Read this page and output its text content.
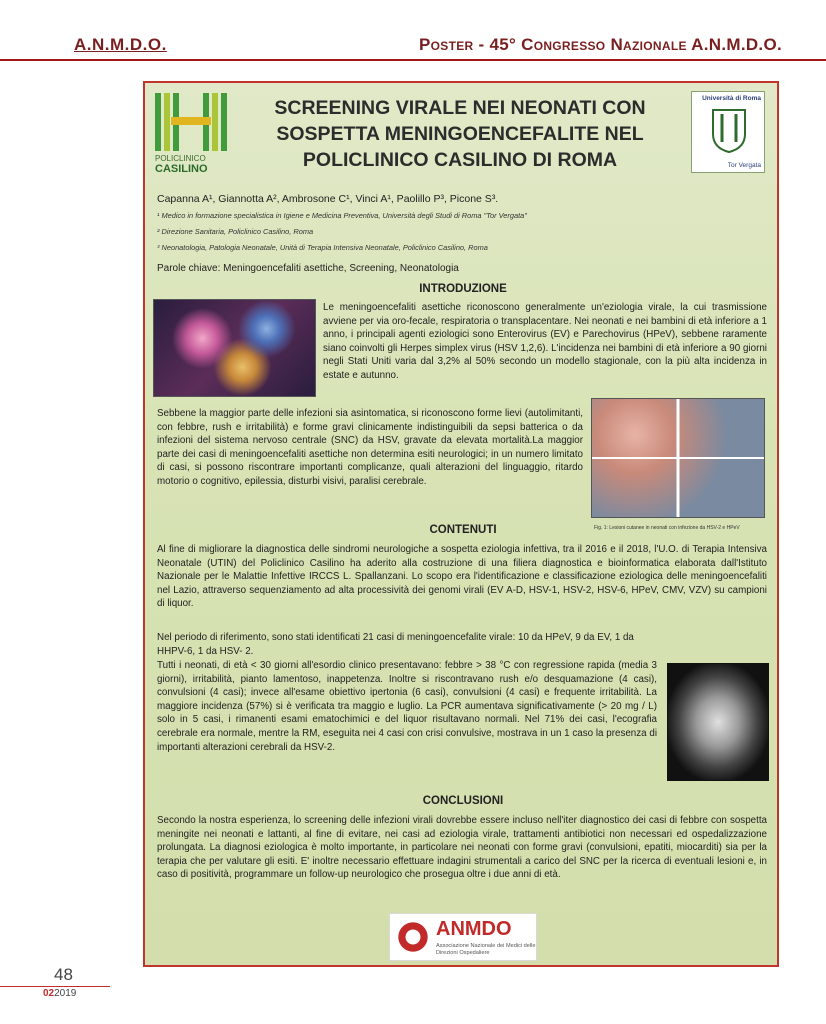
A.N.M.D.O.	Poster - 45° Congresso Nazionale A.N.M.D.O.
POLICLINICO
CASILINO
SCREENING VIRALE NEI NEONATI CON SOSPETTA MENINGOENCEFALITE NEL POLICLINICO CASILINO DI ROMA
Università di Roma
Tor Vergata
Capanna A¹, Giannotta A², Ambrosone C¹, Vinci A¹, Paolillo P³, Picone S³.
¹ Medico in formazione specialistica in Igiene e Medicina Preventiva, Università degli Studi di Roma "Tor Vergata"
² Direzione Sanitaria, Policlinico Casilino, Roma
³ Neonatologia, Patologia Neonatale, Unità di Terapia Intensiva Neonatale, Policlinico Casilino, Roma
Parole chiave: Meningoencefaliti asettiche, Screening, Neonatologia
INTRODUZIONE
Le meningoencefaliti asettiche riconoscono generalmente un'eziologia virale, la cui trasmissione avviene per via oro-fecale, respiratoria o transplacentare. Nei neonati e nei bambini di età inferiore a 1 anno, i principali agenti eziologici sono Enterovirus (EV) e Parechovirus (HPeV), sebbene raramente siano coinvolti gli Herpes simplex virus (HSV 1,2,6). L'incidenza nei bambini di età inferiore a 90 giorni negli Stati Uniti varia dal 3,2% al 50% secondo un modello stagionale, con la più alta incidenza in estate e autunno.
Fig. 1: Lesioni cutanee in neonati con infezione da HSV-2 e HPeV
Sebbene la maggior parte delle infezioni sia asintomatica, si riconoscono forme lievi (autolimitanti, con febbre, rush e irritabilità) e forme gravi clinicamente indistinguibili da sepsi batterica o da infezioni del sistema nervoso centrale (SNC) da HSV, gravate da elevata mortalità.La maggior parte dei casi di meningoencefaliti asettiche non determina esiti neurologici; in un numero limitato di casi, si possono riscontrare importanti complicanze, quali alterazioni del linguaggio, ritardo motorio o cognitivo, epilessia, disturbi visivi, paralisi cerebrale.
CONTENUTI
Al fine di migliorare la diagnostica delle sindromi neurologiche a sospetta eziologia infettiva, tra il 2016 e il 2018, l'U.O. di Terapia Intensiva Neonatale (UTIN) del Policlinico Casilino ha aderito alla costruzione di una filiera diagnostica e bioinformatica elaborata dall'Istituto Nazionale per le Malattie Infettive IRCCS L. Spallanzani. Lo scopo era l'identificazione e classificazione eziologica delle meningoencefaliti nel Lazio, attraverso sequenziamento ad alta processività dei genomi virali (EV A-D, HSV-1, HSV-2, HSV-6, HPeV, CMV, VZV) su campioni di liquor.
Nel periodo di riferimento, sono stati identificati 21 casi di meningoencefalite virale: 10 da HPeV, 9 da EV, 1 da HHPV-6, 1 da HSV- 2.
Tutti i neonati, di età < 30 giorni all'esordio clinico presentavano: febbre > 38 °C con regressione rapida (media 3 giorni), irritabilità, pianto lamentoso, inappetenza. Inoltre si riscontravano rush e/o desquamazione (4 casi), convulsioni (4 casi); invece all'esame obiettivo ipertonia (6 casi), convulsioni (4 casi) e frequente irritabilità. La maggiore incidenza (57%) si è verificata tra maggio e luglio. La PCR aumentava significativamente (> 20 mg / L) solo in 5 casi, i rimanenti esami ematochimici e del liquor risultavano normali. Nel 71% dei casi, l'ecografia cerebrale era normale, mentre la RM, eseguita nei 4 casi con crisi convulsive, mostrava in un 1 caso la presenza di importanti alterazioni cerebrali da HSV-2.
CONCLUSIONI
Secondo la nostra esperienza, lo screening delle infezioni virali dovrebbe essere incluso nell'iter diagnostico dei casi di febbre con sospetta meningite nei neonati e lattanti, al fine di evitare, nei casi ad eziologia virale, trattamenti antibiotici non necessari ed ospedalizzazione prolungata. La diagnosi eziologica è molto importante, in particolare nei neonati con forme gravi (convulsioni, epatiti, miocarditi) sia per la terapia che per valutare gli esiti. E' inoltre necessario effettuare indagini strumentali a carico del SNC per la ricerca di eventuali lesioni e, in caso di positività, programmare un follow-up neurologico che prosegua oltre i due anni di età.
ANMDO
Associazione Nazionale dei Medici delle Direzioni Ospedaliere
48
022019
